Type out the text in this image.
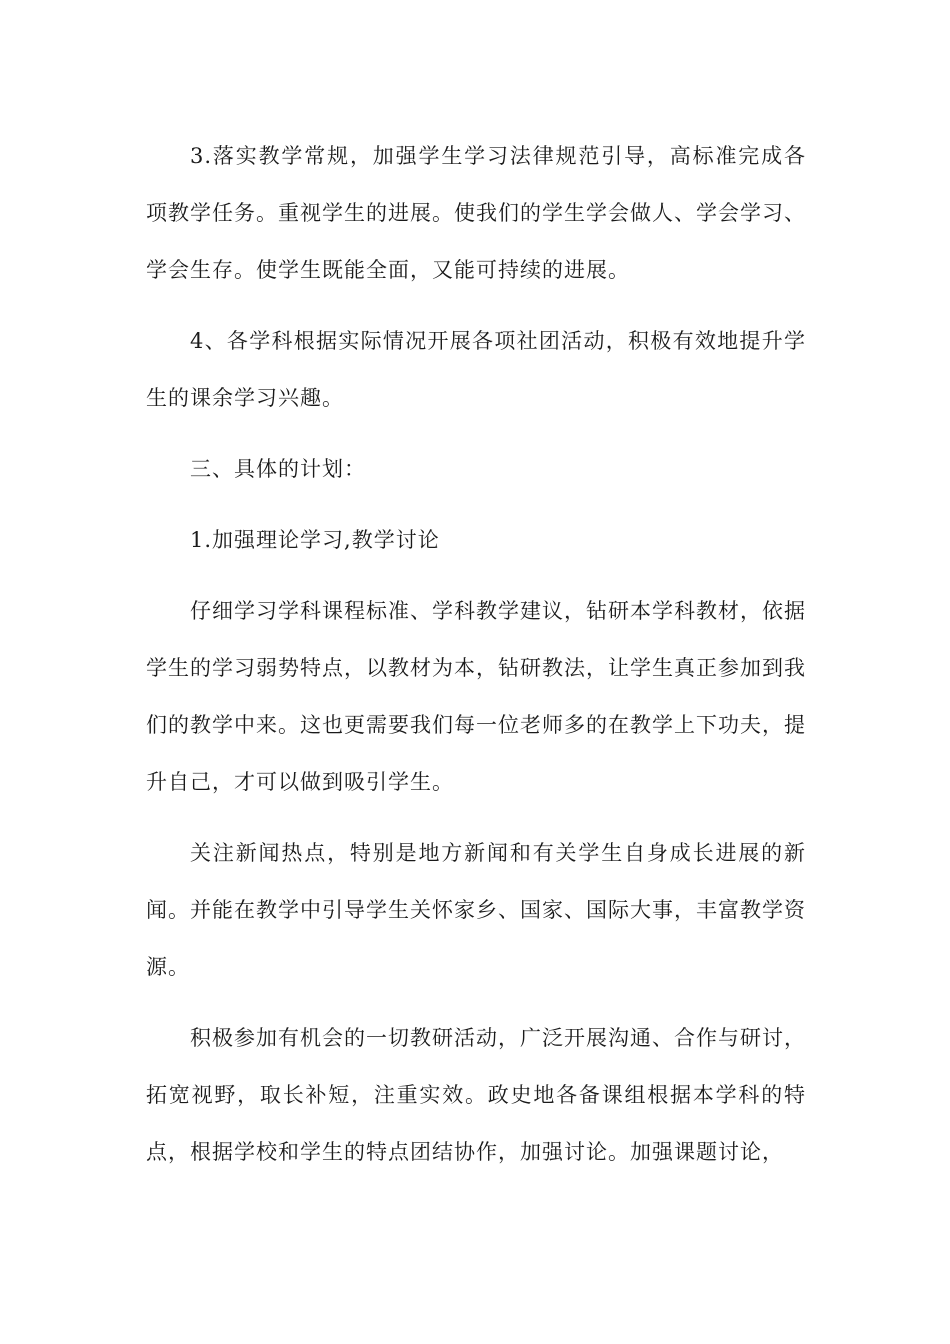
3.落实教学常规，加强学生学习法律规范引导，高标准完成各项教学任务。重视学生的进展。使我们的学生学会做人、学会学习、学会生存。使学生既能全面，又能可持续的进展。

4、各学科根据实际情况开展各项社团活动，积极有效地提升学生的课余学习兴趣。

三、具体的计划：

1.加强理论学习,教学讨论

仔细学习学科课程标准、学科教学建议，钻研本学科教材，依据学生的学习弱势特点，以教材为本，钻研教法，让学生真正参加到我们的教学中来。这也更需要我们每一位老师多的在教学上下功夫，提升自己，才可以做到吸引学生。

关注新闻热点，特别是地方新闻和有关学生自身成长进展的新闻。并能在教学中引导学生关怀家乡、国家、国际大事，丰富教学资源。

积极参加有机会的一切教研活动，广泛开展沟通、合作与研讨，拓宽视野，取长补短，注重实效。政史地各备课组根据本学科的特点，根据学校和学生的特点团结协作，加强讨论。加强课题讨论，
